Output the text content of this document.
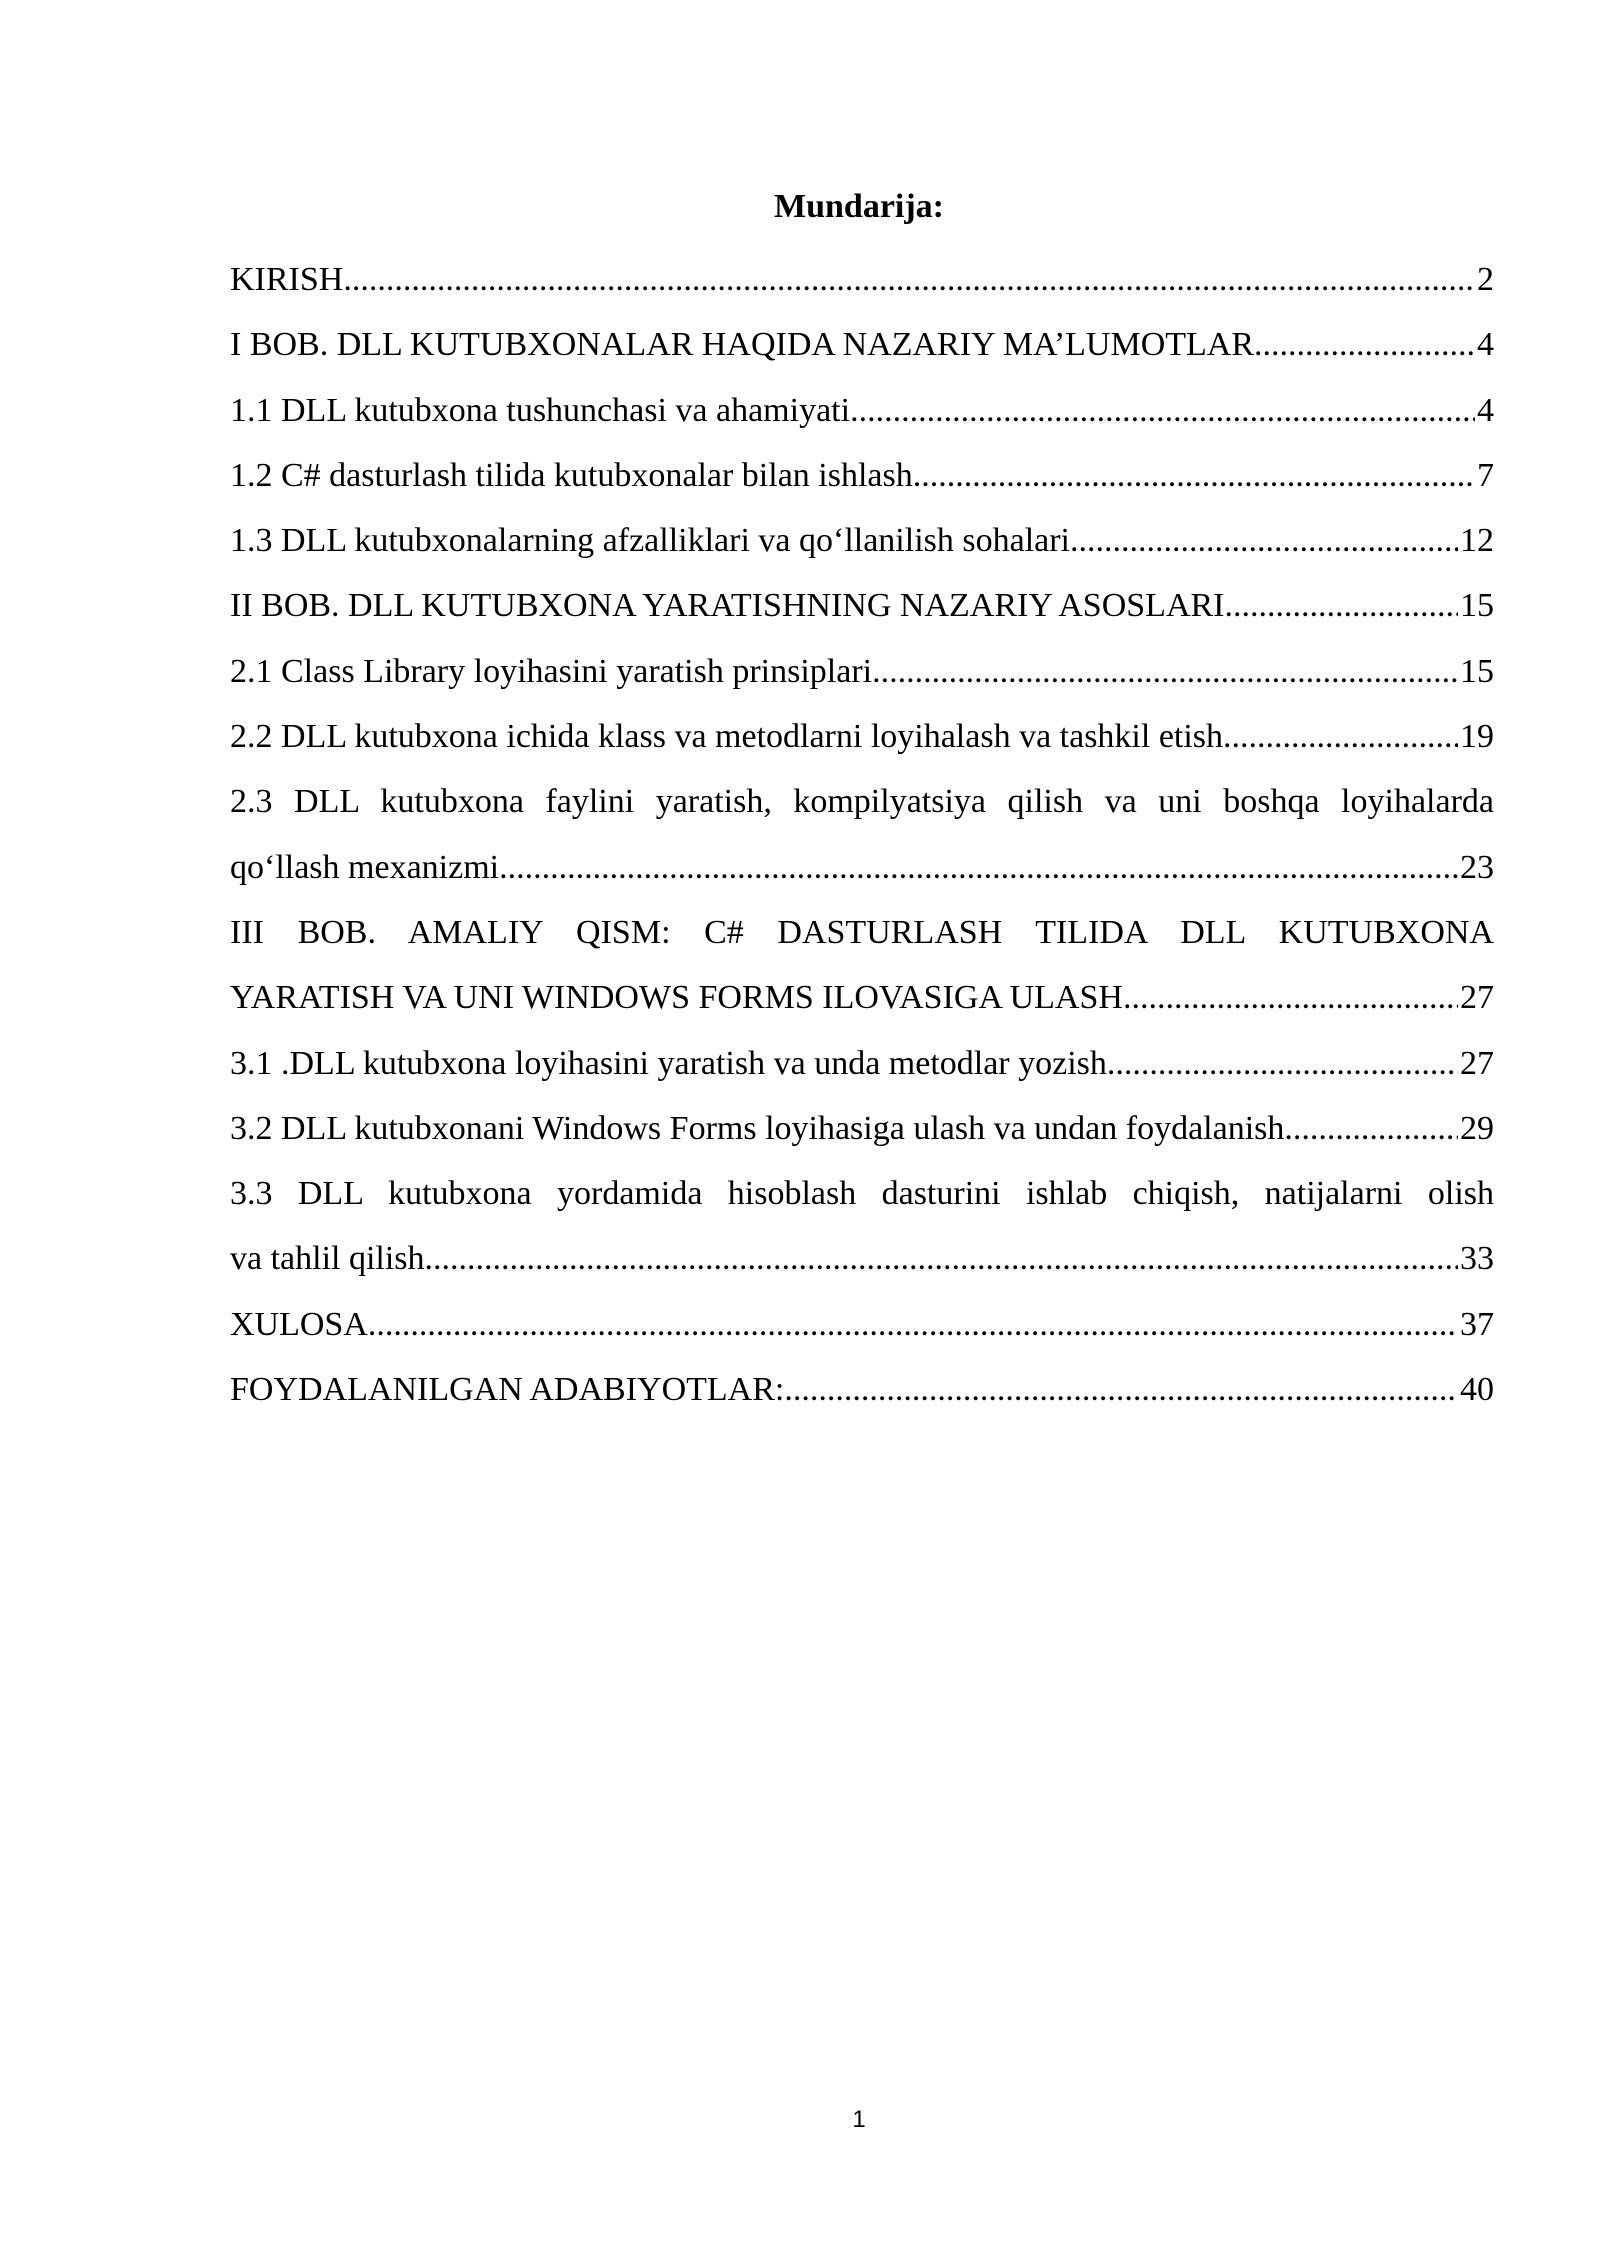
Mundarija:
KIRISH .....	2
I BOB. DLL KUTUBXONALAR HAQIDA NAZARIY MA’LUMOTLAR .....	4
1.1 DLL kutubxona tushunchasi va ahamiyati .....	4
1.2 C# dasturlash tilida kutubxonalar bilan ishlash .....	7
1.3 DLL kutubxonalarning afzalliklari va qo‘llanilish sohalari .....	12
II BOB. DLL KUTUBXONA YARATISHNING NAZARIY ASOSLARI .....	15
2.1 Class Library loyihasini yaratish prinsiplari .....	15
2.2 DLL kutubxona ichida klass va metodlarni loyihalash va tashkil etish .....	19
2.3 DLL kutubxona faylini yaratish, kompilyatsiya qilish va uni boshqa loyihalarda
qo‘llash mexanizmi .....	23
III BOB. AMALIY QISM: C# DASTURLASH TILIDA DLL KUTUBXONA
YARATISH VA UNI WINDOWS FORMS ILOVASIGA ULASH .....	27
3.1 .DLL kutubxona loyihasini yaratish va unda metodlar yozish .....	27
3.2 DLL kutubxonani Windows Forms loyihasiga ulash va undan foydalanish .....	29
3.3 DLL kutubxona yordamida hisoblash dasturini ishlab chiqish, natijalarni olish
va tahlil qilish .....	33
XULOSA .....	37
FOYDALANILGAN ADABIYOTLAR: .....	40
1
